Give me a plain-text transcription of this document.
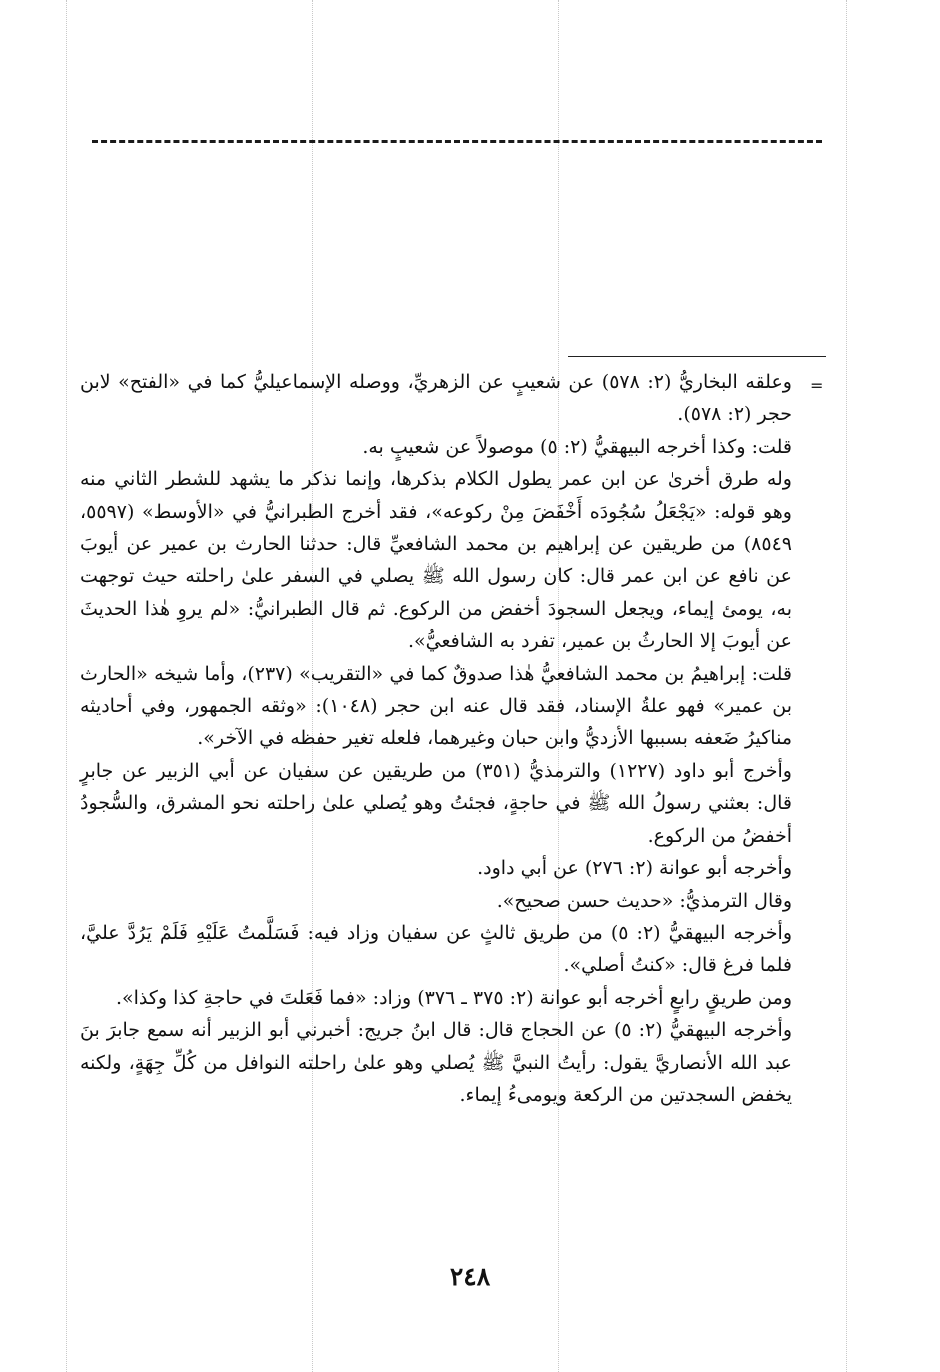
=

وعلقه البخاريُّ (٢: ٥٧٨) عن شعيبٍ عن الزهريِّ، ووصله الإسماعيليُّ كما في «الفتح» لابن حجر (٢: ٥٧٨).

قلت: وكذا أخرجه البيهقيُّ (٢: ٥) موصولاً عن شعيبٍ به.

وله طرق أخرىٰ عن ابن عمر يطول الكلام بذكرها، وإنما نذكر ما يشهد للشطر الثاني منه وهو قوله: «يَجْعَلُ سُجُودَه أَخْفَضَ مِنْ ركوعه»، فقد أخرج الطبرانيُّ في «الأوسط» (٥٥٩٧، ٨٥٤٩) من طريقين عن إبراهيم بن محمد الشافعيِّ قال: حدثنا الحارث بن عمير عن أيوبَ عن نافع عن ابن عمر قال: كان رسول الله ﷺ يصلي في السفر علىٰ راحلته حيث توجهت به، يومئ إيماء، ويجعل السجودَ أخفض من الركوع. ثم قال الطبرانيُّ: «لم يروِ هٰذا الحديثَ عن أيوبَ إلا الحارثُ بن عمير، تفرد به الشافعيُّ».

قلت: إبراهيمُ بن محمد الشافعيُّ هٰذا صدوقٌ كما في «التقريب» (٢٣٧)، وأما شيخه «الحارث بن عمير» فهو علةُ الإسناد، فقد قال عنه ابن حجر (١٠٤٨): «وثقه الجمهور، وفي أحاديثه مناكيرُ ضَعفه بسببها الأزديُّ وابن حبان وغيرهما، فلعله تغير حفظه في الآخر».

وأخرج أبو داود (١٢٢٧) والترمذيُّ (٣٥١) من طريقين عن سفيان عن أبي الزبير عن جابرٍ قال: بعثني رسولُ الله ﷺ في حاجةٍ، فجئتُ وهو يُصلي علىٰ راحلته نحو المشرق، والسُّجودُ أخفضُ من الركوع.

وأخرجه أبو عوانة (٢: ٢٧٦) عن أبي داود.

وقال الترمذيُّ: «حديث حسن صحيح».

وأخرجه البيهقيُّ (٢: ٥) من طريق ثالثٍ عن سفيان وزاد فيه: فَسَلَّمتُ عَلَيْهِ فَلَمْ يَرُدَّ عليَّ، فلما فرغ قال: «كنتُ أصلي».

ومن طريقٍ رابعٍ أخرجه أبو عوانة (٢: ٣٧٥ ـ ٣٧٦) وزاد: «فما فَعَلتَ في حاجةِ كذا وكذا».

وأخرجه البيهقيُّ (٢: ٥) عن الحجاج قال: قال ابنُ جريج: أخبرني أبو الزبير أنه سمع جابرَ بنَ عبد الله الأنصاريَّ يقول: رأيتُ النبيَّ ﷺ يُصلي وهو علىٰ راحلته النوافل من كُلِّ جِهَةٍ، ولكنه يخفض السجدتين من الركعة ويومىءُ إيماء.

٢٤٨
